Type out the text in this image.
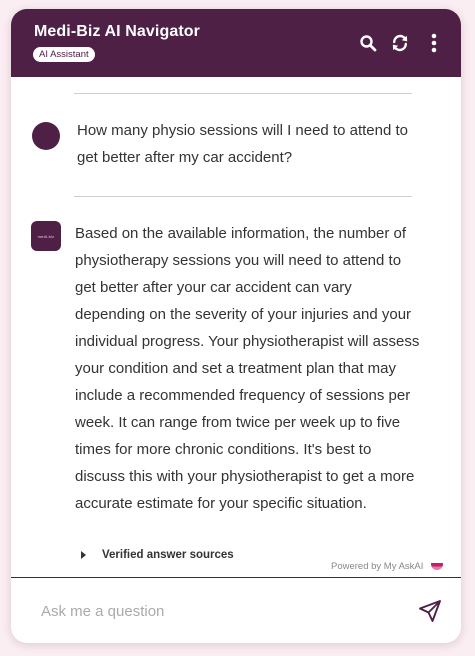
Medi-Biz AI Navigator
AI Assistant
How many physio sessions will I need to attend to get better after my car accident?
medi-biz Based on the available information, the number of physiotherapy sessions you will need to attend to get better after your car accident can vary depending on the severity of your injuries and your individual progress. Your physiotherapist will assess your condition and set a treatment plan that may include a recommended frequency of sessions per week. It can range from twice per week up to five times for more chronic conditions. It's best to discuss this with your physiotherapist to get a more accurate estimate for your specific situation.
Verified answer sources
Powered by My AskAI
Ask me a question
